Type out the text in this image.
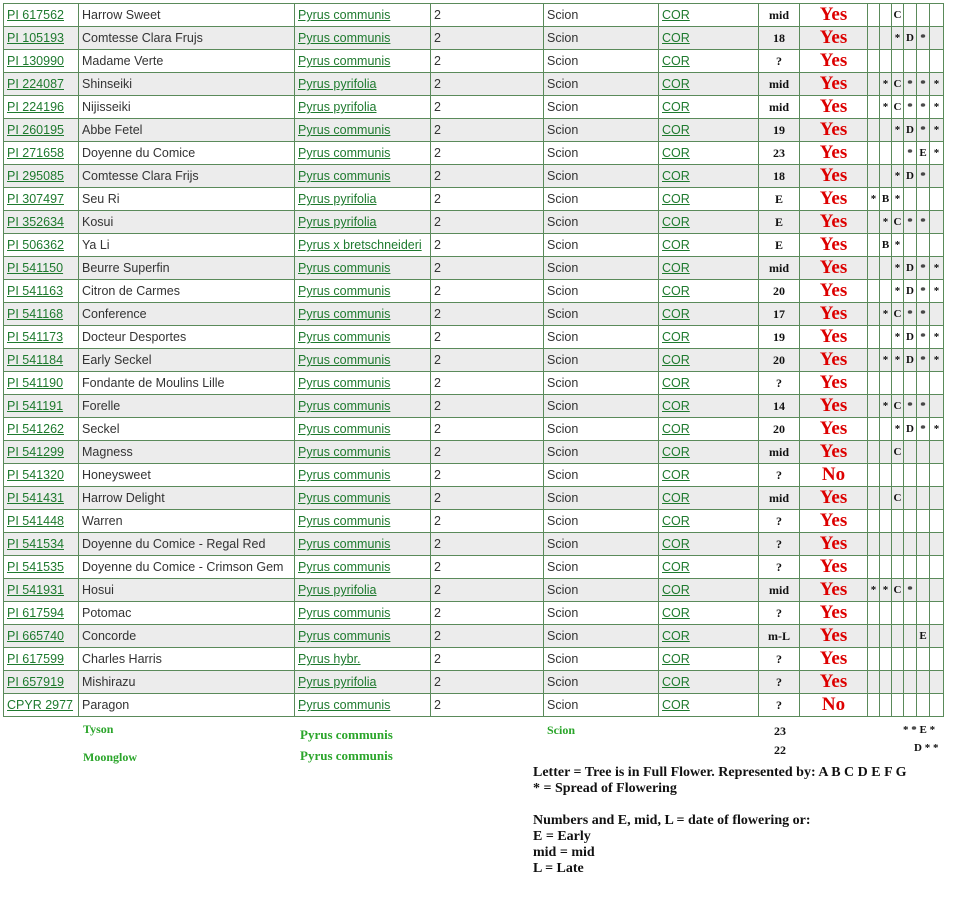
PI 617562	Harrow Sweet	Pyrus communis	2	Scion	COR	mid	Yes			C			
PI 105193	Comtesse Clara Frujs	Pyrus communis	2	Scion	COR	18	Yes			*	D	*	
PI 130990	Madame Verte	Pyrus communis	2	Scion	COR	?	Yes						
PI 224087	Shinseiki	Pyrus pyrifolia	2	Scion	COR	mid	Yes		*	C	*	*	*
PI 224196	Nijisseiki	Pyrus pyrifolia	2	Scion	COR	mid	Yes		*	C	*	*	*
PI 260195	Abbe Fetel	Pyrus communis	2	Scion	COR	19	Yes			*	D	*	*
PI 271658	Doyenne du Comice	Pyrus communis	2	Scion	COR	23	Yes				*	E	*
PI 295085	Comtesse Clara Frijs	Pyrus communis	2	Scion	COR	18	Yes			*	D	*	
PI 307497	Seu Ri	Pyrus pyrifolia	2	Scion	COR	E	Yes	*	B	*			
PI 352634	Kosui	Pyrus pyrifolia	2	Scion	COR	E	Yes		*	C	*	*	
PI 506362	Ya Li	Pyrus x bretschneideri	2	Scion	COR	E	Yes		B	*			
PI 541150	Beurre Superfin	Pyrus communis	2	Scion	COR	mid	Yes			*	D	*	*
PI 541163	Citron de Carmes	Pyrus communis	2	Scion	COR	20	Yes			*	D	*	*
PI 541168	Conference	Pyrus communis	2	Scion	COR	17	Yes		*	C	*	*	
PI 541173	Docteur Desportes	Pyrus communis	2	Scion	COR	19	Yes			*	D	*	*
PI 541184	Early Seckel	Pyrus communis	2	Scion	COR	20	Yes		*	*	D	*	*
PI 541190	Fondante de Moulins Lille	Pyrus communis	2	Scion	COR	?	Yes						
PI 541191	Forelle	Pyrus communis	2	Scion	COR	14	Yes		*	C	*	*	
PI 541262	Seckel	Pyrus communis	2	Scion	COR	20	Yes			*	D	*	*
PI 541299	Magness	Pyrus communis	2	Scion	COR	mid	Yes			C			
PI 541320	Honeysweet	Pyrus communis	2	Scion	COR	?	No						
PI 541431	Harrow Delight	Pyrus communis	2	Scion	COR	mid	Yes			C			
PI 541448	Warren	Pyrus communis	2	Scion	COR	?	Yes						
PI 541534	Doyenne du Comice - Regal Red	Pyrus communis	2	Scion	COR	?	Yes						
PI 541535	Doyenne du Comice - Crimson Gem	Pyrus communis	2	Scion	COR	?	Yes						
PI 541931	Hosui	Pyrus pyrifolia	2	Scion	COR	mid	Yes	*	*	C	*		
PI 617594	Potomac	Pyrus communis	2	Scion	COR	?	Yes						
PI 665740	Concorde	Pyrus communis	2	Scion	COR	m-L	Yes					E	
PI 617599	Charles Harris	Pyrus hybr.	2	Scion	COR	?	Yes						
PI 657919	Mishirazu	Pyrus pyrifolia	2	Scion	COR	?	Yes						
CPYR 2977	Paragon	Pyrus communis	2	Scion	COR	?	No						
Tyson	Pyrus communis	Scion	23	* * E *
Moonglow	Pyrus communis	22	D * *
Letter = Tree is in Full Flower. Represented by: A B C D E F G
* = Spread of Flowering
Numbers and E, mid, L = date of flowering or:
E = Early
mid = mid
L = Late
